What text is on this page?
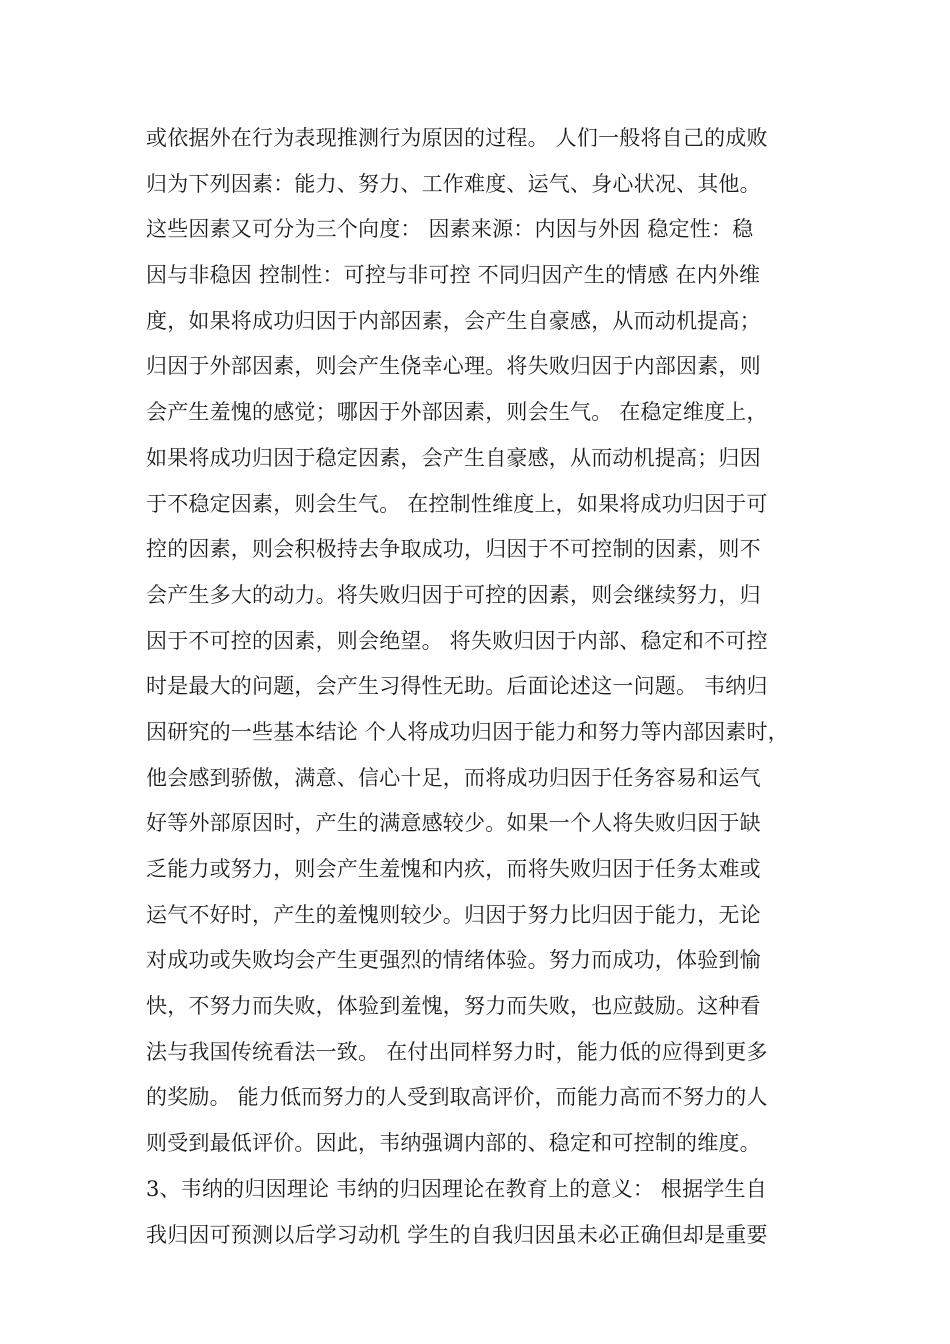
或依据外在行为表现推测行为原因的过程。 人们一般将自己的成败
归为下列因素：能力、努力、工作难度、运气、身心状况、其他。
这些因素又可分为三个向度： 因素来源：内因与外因 稳定性：稳
因与非稳因 控制性：可控与非可控 不同归因产生的情感 在内外维
度，如果将成功归因于内部因素，会产生自豪感，从而动机提高；
归因于外部因素，则会产生侥幸心理。将失败归因于内部因素，则
会产生羞愧的感觉；哪因于外部因素，则会生气。 在稳定维度上，
如果将成功归因于稳定因素，会产生自豪感，从而动机提高；归因
于不稳定因素，则会生气。 在控制性维度上，如果将成功归因于可
控的因素，则会积极持去争取成功，归因于不可控制的因素，则不
会产生多大的动力。将失败归因于可控的因素，则会继续努力，归
因于不可控的因素，则会绝望。 将失败归因于内部、稳定和不可控
时是最大的问题，会产生习得性无助。后面论述这一问题。 韦纳归
因研究的一些基本结论 个人将成功归因于能力和努力等内部因素时，
他会感到骄傲，满意、信心十足，而将成功归因于任务容易和运气
好等外部原因时，产生的满意感较少。如果一个人将失败归因于缺
乏能力或努力，则会产生羞愧和内疚，而将失败归因于任务太难或
运气不好时，产生的羞愧则较少。归因于努力比归因于能力，无论
对成功或失败均会产生更强烈的情绪体验。努力而成功，体验到愉
快，不努力而失败，体验到羞愧，努力而失败，也应鼓励。这种看
法与我国传统看法一致。 在付出同样努力时，能力低的应得到更多
的奖励。 能力低而努力的人受到取高评价，而能力高而不努力的人
则受到最低评价。因此，韦纳强调内部的、稳定和可控制的维度。
3、韦纳的归因理论 韦纳的归因理论在教育上的意义： 根据学生自
我归因可预测以后学习动机 学生的自我归因虽未必正确但却是重要
